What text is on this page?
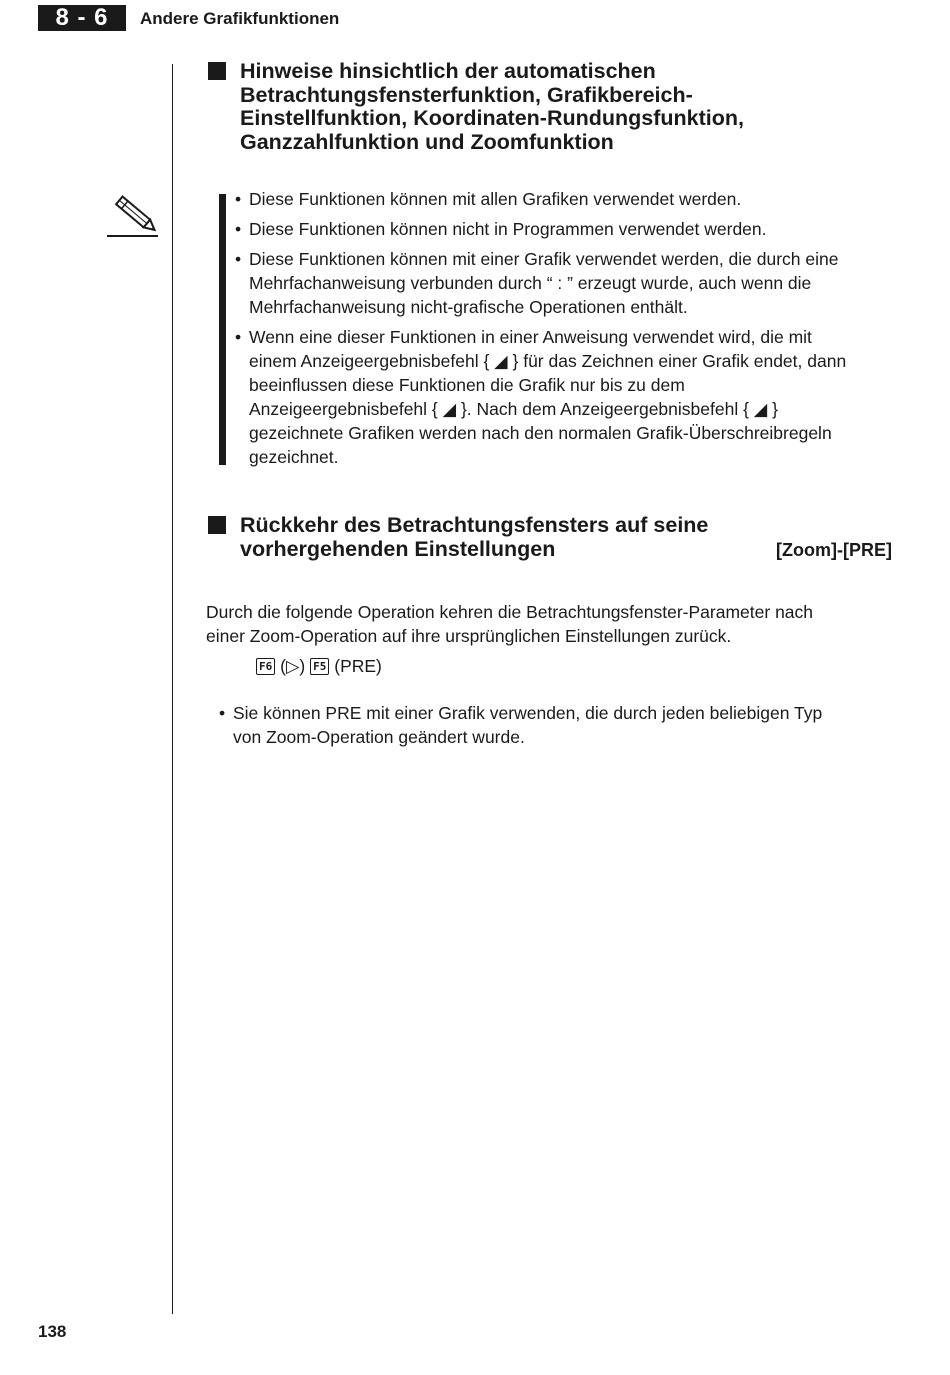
8 - 6	Andere Grafikfunktionen
Hinweise hinsichtlich der automatischen
Betrachtungsfensterfunktion, Grafikbereich-
Einstellfunktion, Koordinaten-Rundungsfunktion,
Ganzzahlfunktion und Zoomfunktion
• Diese Funktionen können mit allen Grafiken verwendet werden.
• Diese Funktionen können nicht in Programmen verwendet werden.
• Diese Funktionen können mit einer Grafik verwendet werden, die durch eine
Mehrfachanweisung verbunden durch “ : ” erzeugt wurde, auch wenn die
Mehrfachanweisung nicht-grafische Operationen enthält.
• Wenn eine dieser Funktionen in einer Anweisung verwendet wird, die mit
einem Anzeigeergebnisbefehl { ◢ } für das Zeichnen einer Grafik endet, dann
beeinflussen diese Funktionen die Grafik nur bis zu dem
Anzeigeergebnisbefehl { ◢ }. Nach dem Anzeigeergebnisbefehl { ◢ }
gezeichnete Grafiken werden nach den normalen Grafik-Überschreibregeln
gezeichnet.
Rückkehr des Betrachtungsfensters auf seine
vorhergehenden Einstellungen	[Zoom]-[PRE]

Durch die folgende Operation kehren die Betrachtungsfenster-Parameter nach
einer Zoom-Operation auf ihre ursprünglichen Einstellungen zurück.

F6 (▷) F5 (PRE)
• Sie können PRE mit einer Grafik verwenden, die durch jeden beliebigen Typ
von Zoom-Operation geändert wurde.
138
